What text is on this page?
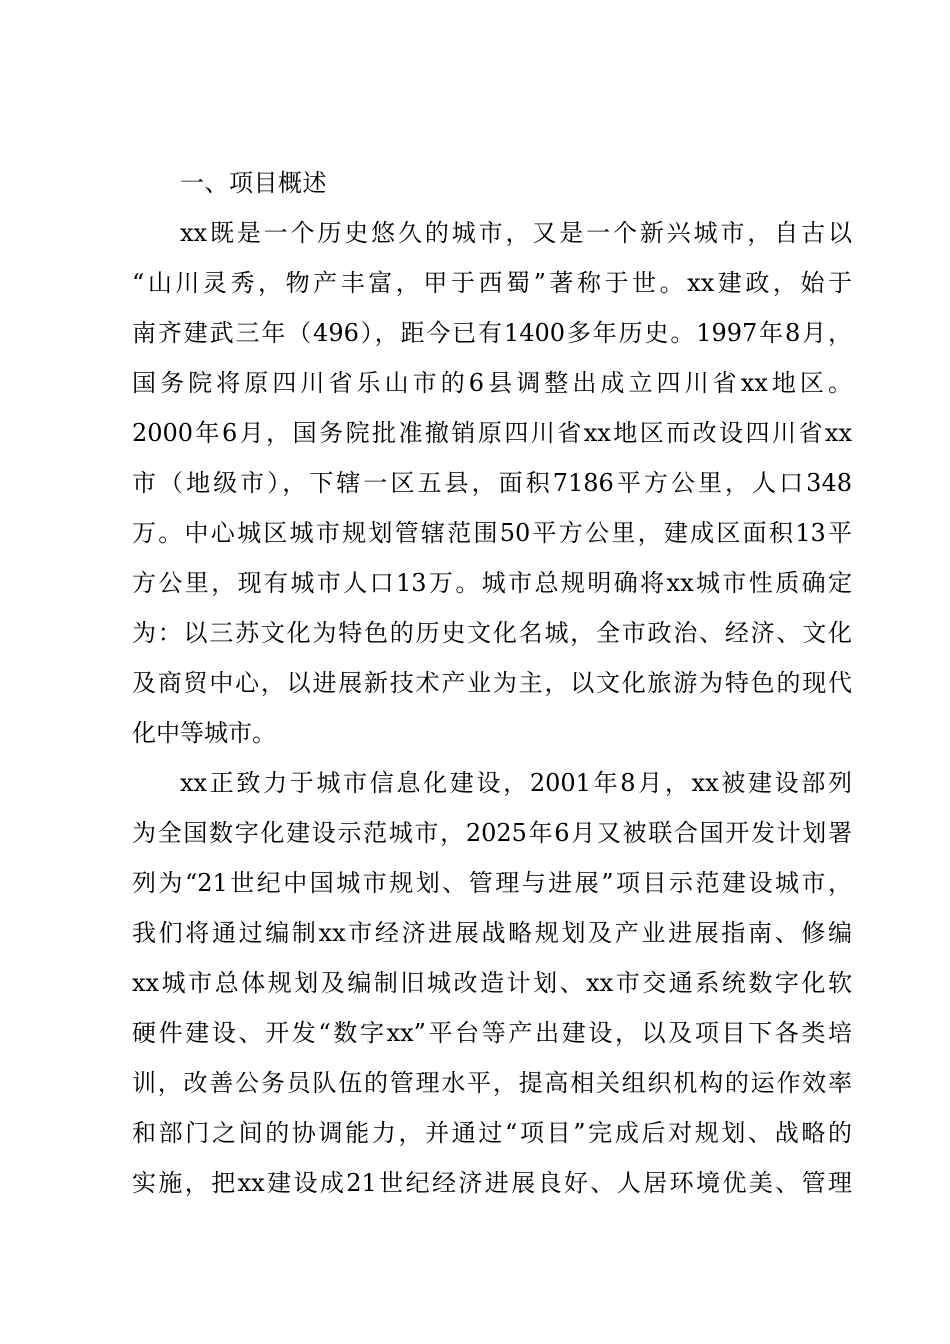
一、项目概述
xx既是一个历史悠久的城市，又是一个新兴城市，自古以
“山川灵秀，物产丰富，甲于西蜀”著称于世。xx建政，始于
南齐建武三年（496），距今已有1400多年历史。1997年8月，
国务院将原四川省乐山市的6县调整出成立四川省xx地区。
2000年6月，国务院批准撤销原四川省xx地区而改设四川省xx
市（地级市），下辖一区五县，面积7186平方公里，人口348
万。中心城区城市规划管辖范围50平方公里，建成区面积13平
方公里，现有城市人口13万。城市总规明确将xx城市性质确定
为：以三苏文化为特色的历史文化名城，全市政治、经济、文化
及商贸中心，以进展新技术产业为主，以文化旅游为特色的现代
化中等城市。
xx正致力于城市信息化建设，2001年8月，xx被建设部列
为全国数字化建设示范城市，2025年6月又被联合国开发计划署
列为“21世纪中国城市规划、管理与进展”项目示范建设城市，
我们将通过编制xx市经济进展战略规划及产业进展指南、修编
xx城市总体规划及编制旧城改造计划、xx市交通系统数字化软
硬件建设、开发“数字xx”平台等产出建设，以及项目下各类培
训，改善公务员队伍的管理水平，提高相关组织机构的运作效率
和部门之间的协调能力，并通过“项目”完成后对规划、战略的
实施，把xx建设成21世纪经济进展良好、人居环境优美、管理
